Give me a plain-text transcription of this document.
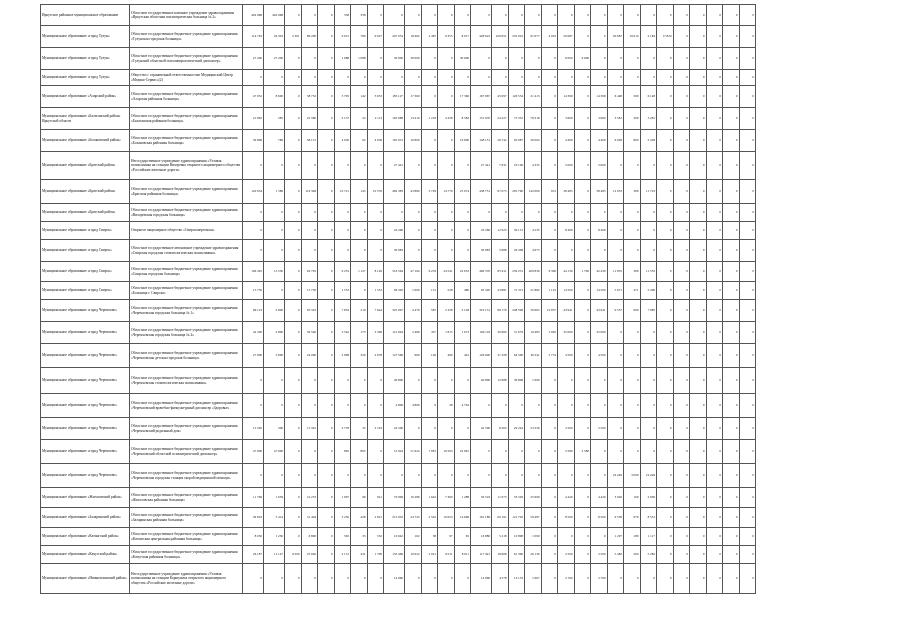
Иркутское районное муниципальное образование	Областное государственное казенное учреждение здравоохранения «Иркутская областная психиатрическая больница № 2»	402 968	402 968	0	0	0	358	358	0	0	0	0	0	0	0	0	0	0	0	0	0	0	0	0	0	0	0	0	0	0	0
Муниципальное образование «город Тулун»	Областное государственное бюджетное учреждение здравоохранения «Тулунская городская больница»	114 763	26 303	2 361	86 290	0	9 615	786	9 027	447 054	18 462	2 487	9 355	8 017	428 622	109 651	232 022	91 677	4 923	20 687	0	0	20 687	19 614	2 184	17 820	0	0	0	0	0
Муниципальное образование «город Тулун»	Областное государственное бюджетное учреждение здравоохранения «Тулунский областной психоневрологический диспансер»	27 200	27 200	0	0	0	1 088	1 088	0	30 000	30 000	0	0	30 000	0	0	0	0	0	6 000	6 000	0	0	0	0	0	0	0	0	0	0
Муниципальное образование «город Тулун»	Общество с ограниченной ответственностью Медицинский Центр «Медика-Сервис»(2)	0	0	0	0	0	0	0	0	0	0	0	0	0	0	0	0	0	0	0	0	0	0	0	0	0	0	0	0	0	0
Муниципальное образование «Аларский район»	Областное государственное бюджетное учреждение здравоохранения «Аларская районная больница»	47 052	8 600	0	38 752	0	3 795	142	3 653	185 127	17 360	0	0	17 360	167 967	45 097	126 554	21 413	0	14 399	0	14 399	6 448	300	6 148	0	0	0	0	0	0
Муниципальное образование «Балаганский район» Иркутской области	Областное государственное бюджетное учреждение здравоохранения «Балаганская районная больница»	21 865	285	0	22 580	0	2 137	24	2 113	165 088	13 419	1 218	4 328	8 582	151 670	24 227	73 352	78 318	0	3 660	0	3 660	3 581	300	3 281	0	0	0	0	0	0
Муниципальное образование «Бохановский район»	Областное государственное бюджетное учреждение здравоохранения «Бохановская районная больница»	39 896	786	0	38 131	0	4 050	62	4 036	165 031	16 800	0	0	16 800	148 151	26 742	93 087	56 064	0	4 400	0	4 400	6 928	800	5 228	0	0	0	0	0	0
Муниципальное образование «Братский район»	Негосударственное учреждение здравоохранения «Узловая поликлиника на станции Вихоревка открытого акционерного общества «Российские железные дороги»	0	0	0	0	0	0	0	0	27 441	0	0	0	0	27 441	7 631	23 106	4 335	0	5 000	0	5 000	0	0	0	0	0	0	0	0	0
Муниципальное образование «Братский район»	Областное государственное бюджетное учреждение здравоохранения «Братская районная больница»	120 934	1 586	0	119 348	0	10 721	145	10 576	482 383	43 880	3 729	14 776	25 074	438 731	97 675	295 760	142 000	931	38 485	0	38 485	12 033	300	11 723	0	0	0	0	0	0
Муниципальное образование «Братский район»	Областное государственное бюджетное учреждение здравоохранения «Вихоревская городская больница»	0	0	0	0	0	0	0	0	0	0	0	0	0	0	0	0	0	0	0	0	0	0	0	0	0	0	0	0	0	0
Муниципальное образование «город Свирск»	Открытое акционерное общество «Свирскэнергомаш»	0	0	0	0	0	0	0	0	43 266	0	0	0	0	43 266	12 923	39 131	4 235	0	8 406	0	8 406	0	0	0	0	0	0	0	0	0
Муниципальное образование «город Свирск»	Областное государственное автономное учреждение здравоохранения «Свирская городская стоматологическая поликлиника»	0	0	0	0	0	0	0	0	30 983	0	0	0	0	30 983	5 688	26 308	4 675	0	0	0	0	0	0	0	0	0	0	0	0	0
Муниципальное образование «город Свирск»	Областное государственное бюджетное учреждение здравоохранения «Свирская городская больница»	106 345	13 550	0	92 795	0	9 253	1 127	8 126	516 564	47 194	6 233	24 541	22 653	469 370	85 611	259 231	209 839	9 300	44 130	1 700	42 430	11 855	300	11 555	0	0	0	0	0	0
Муниципальное образование «город Свирск»	Областное государственное бюджетное учреждение здравоохранения «Больница г. Свирска»	15 750	0	0	15 750	0	1 553	0	1 553	96 320	1 000	131	528	480	95 320	23 881	72 313	21 882	1 125	14 500	0	14 500	5 671	471	5 200	0	0	0	0	0	0
Муниципальное образование «город Черемхово»	Областное государственное бюджетное учреждение здравоохранения «Черемховская городская больница № 1»	96 123	2 800	0	93 323	0	7 854	210	7 644	325 097	4 476	587	2 328	2 148	319 131	89 170	248 599	59 665	10 957	43 941	0	43 941	9 537	600	7 985	0	0	0	0	0	0
Муниципальное образование «город Черемхово»	Областное государственное бюджетное учреждение здравоохранения «Черемховская городская больница № 2»	42 430	2 890	0	39 540	0	3 542	173	3 369	112 694	2 486	457	1 815	1 673	109 118	30 684	51 679	19 483	5 965	35 000	0	35 000	0	0	0	0	0	0	0	0	0
Муниципальное образование «город Черемхово»	Областное государственное бюджетное учреждение здравоохранения «Черемховская детская городская больница»	27 600	3 600	0	24 000	0	2 998	320	2 678	127 566	960	126	490	461	126 600	31 328	64 500	36 241	5 774	4 500	0	4 500	0	0	0	0	0	0	0	0	0
Муниципальное образование «город Черемхово»	Областное государственное бюджетное учреждение здравоохранения «Черемховская стоматологическая поликлиника»	0	0	0	0	0	0	0	0	40 800	0	0	0	0	40 800	12 988	39 808	1 090	0	0	0	0	0	0	0	0	0	0	0	0	0
Муниципальное образование «город Черемхово»	Областное государственное бюджетное учреждение здравоохранения «Черемховский врачебно-физкультурный диспансер «Здоровье»	0	0	0	0	0	0	0	0	4 806	4 806	9	28	4 762	0	0	0	0	0	0	0	0	0	0	0	0	0	0	0	0	0
Муниципальное образование «город Черемхово»	Областное государственное бюджетное учреждение здравоохранения «Черемховский родильный дом»	15 565	200	0	15 361	0	2 778	35	2 743	42 500	0	0	0	0	42 500	8 265	29 244	23 256	0	2 500	0	2 500	0	0	0	0	0	0	0	0	0
Муниципальное образование «город Черемхово»	Областное государственное бюджетное учреждение здравоохранения «Черемховский областной психиатрический диспансер»	47 600	47 600	0	0	0	865	865	0	51 924	51 924	7 081	19 563	22 961	0	0	0	0	0	2 580	2 580	0	0	0	0	0	0	0	0	0	0
Муниципальное образование «город Черемхово»	Областное государственное бюджетное учреждение здравоохранения «Черемховская городская станция скорой медицинской помощи»	0	0	0	0	0	0	0	0	0	0	0	0	0	0	0	0	0	0	0	0	0	22 249	3 000	19 249	0	0	0	0	0	0
Муниципальное образование «Жигаловский район»	Областное государственное бюджетное учреждение здравоохранения «Жигаловская районная больница»	11 769	1 659	0	10 253	0	1 007	96	921	70 999	10 286	1 642	7 360	1 288	59 519	11 073	33 529	25 990	0	4 420	0	4 420	3 020	100	2 930	0	0	0	0	0	0
Муниципальное образование «Заларинский район»	Областное государственное бюджетное учреждение здравоохранения «Заларинская районная больница»	36 818	5 414	0	31 404	0	3 250	428	2 821	215 932	24 743	2 542	10 653	14 668	191 189	60 191	121 702	59 487	0	8 500	0	8 500	9 559	976	8 551	0	0	0	0	0	0
Муниципальное образование «Катангский район»	Областное государственное бюджетное учреждение здравоохранения «Катангская центральная районная больница»	8 030	1 230	0	6 800	0	565	33	532	16 942	102	38	97	65	16 880	5 218	10 898	1 090	0	0	0	0	1 297	180	1 117	0	0	0	0	0	0
Муниципальное образование «Качугский район»	Областное государственное бюджетное учреждение здравоохранения «Качугская районная больница»	26 187	11 147	9 200	25 040	0	2 131	431	1 700	133 466	10 922	2 921	9 011	8 011	117 441	18 668	61 390	26 136	0	2 500	0	2 500	5 482	200	5 282	0	0	0	0	0	0
Муниципальное образование «Нижнеилимский район»	Негосударственное учреждение здравоохранения «Узловая поликлиника на станции Коршуниха открытого акционерного общества «Российские железные дороги»	0	0	0	0	0	0	0	0	14 960	0	0	0	0	14 960	4 578	13 133	1 667	0	2 760	0	2 760	0	0	0	0	0	0	0	0	0
